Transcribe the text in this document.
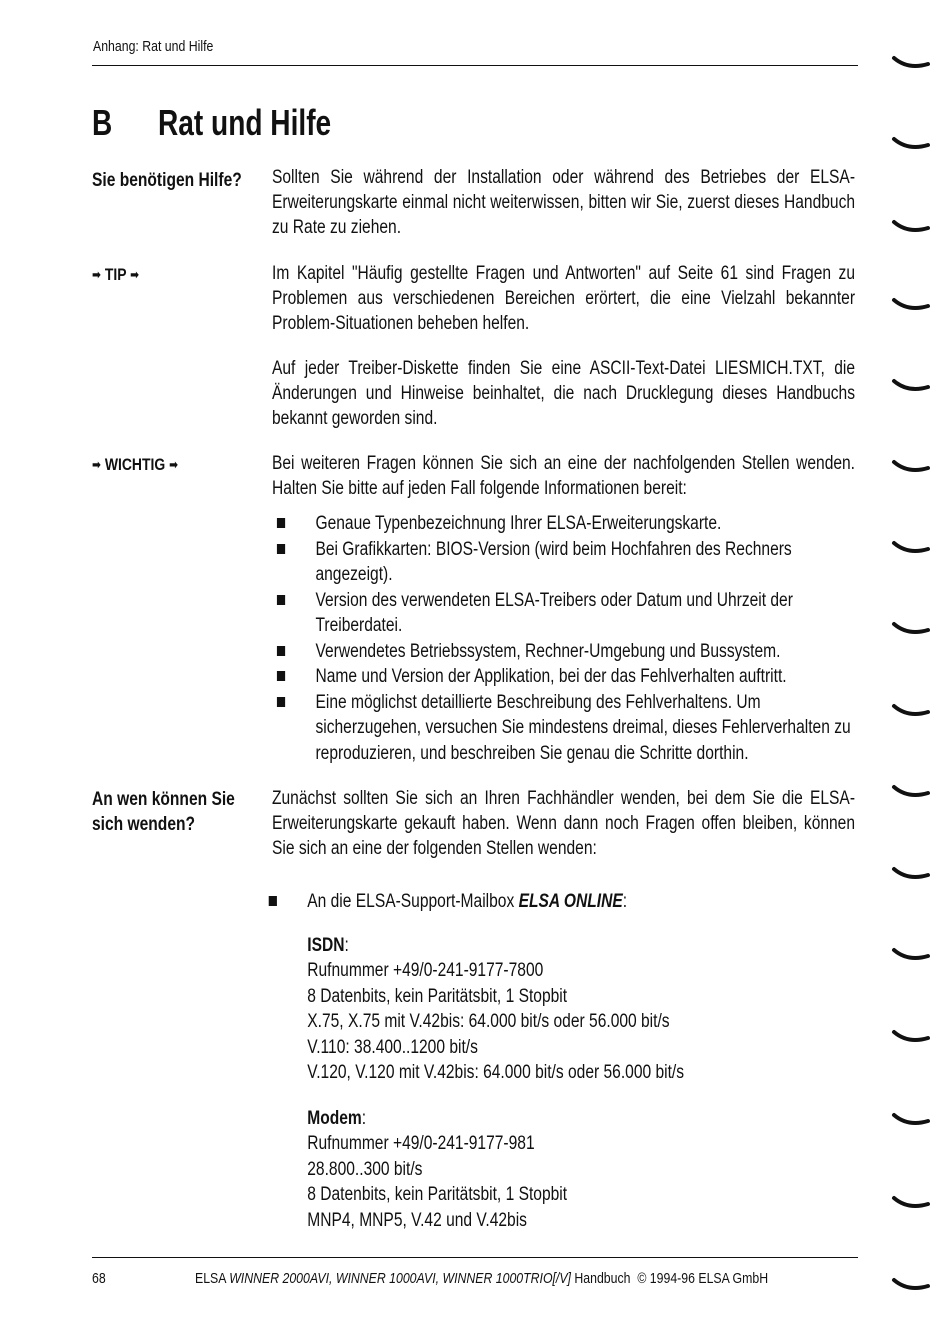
Anhang: Rat und Hilfe
B Rat und Hilfe
Sie benötigen Hilfe? Sollten Sie während der Installation oder während des Betriebes der ELSA-Erweiterungskarte einmal nicht weiterwissen, bitten wir Sie, zuerst dieses Handbuch zu Rate zu ziehen.

➡ TIP ➡	Im Kapitel "Häufig gestellte Fragen und Antworten" auf Seite 61 sind Fragen zu Problemen aus verschiedenen Bereichen erörtert, die eine Vielzahl bekannter Problem-Situationen beheben helfen.

Auf jeder Treiber-Diskette finden Sie eine ASCII-Text-Datei LIESMICH.TXT, die Änderungen und Hinweise beinhaltet, die nach Drucklegung dieses Handbuchs bekannt geworden sind.

➡ WICHTIG ➡	Bei weiteren Fragen können Sie sich an eine der nachfolgenden Stellen wenden. Halten Sie bitte auf jeden Fall folgende Informationen bereit:

Genaue Typenbezeichnung Ihrer ELSA-Erweiterungskarte.
Bei Grafikkarten: BIOS-Version (wird beim Hochfahren des Rechners angezeigt).
Version des verwendeten ELSA-Treibers oder Datum und Uhrzeit der Treiberdatei.
Verwendetes Betriebssystem, Rechner-Umgebung und Bussystem.
Name und Version der Applikation, bei der das Fehlverhalten auftritt.
Eine möglichst detaillierte Beschreibung des Fehlverhaltens. Um sicherzugehen, versuchen Sie mindestens dreimal, dieses Fehlerverhalten zu reproduzieren, und beschreiben Sie genau die Schritte dorthin.
An wen können Sie
sich wenden?

Zunächst sollten Sie sich an Ihren Fachhändler wenden, bei dem Sie die ELSA-Erweiterungskarte gekauft haben. Wenn dann noch Fragen offen bleiben, können Sie sich an eine der folgenden Stellen wenden:

An die ELSA-Support-Mailbox ELSA ONLINE:
ISDN:
Rufnummer +49/0-241-9177-7800
8 Datenbits, kein Paritätsbit, 1 Stopbit
X.75, X.75 mit V.42bis: 64.000 bit/s oder 56.000 bit/s
V.110: 38.400..1200 bit/s
V.120, V.120 mit V.42bis: 64.000 bit/s oder 56.000 bit/s
Modem:
Rufnummer +49/0-241-9177-981
28.800..300 bit/s
8 Datenbits, kein Paritätsbit, 1 Stopbit
MNP4, MNP5, V.42 und V.42bis
68	ELSA WINNER 2000AVI, WINNER 1000AVI, WINNER 1000TRIO[/V] Handbuch © 1994-96 ELSA GmbH
